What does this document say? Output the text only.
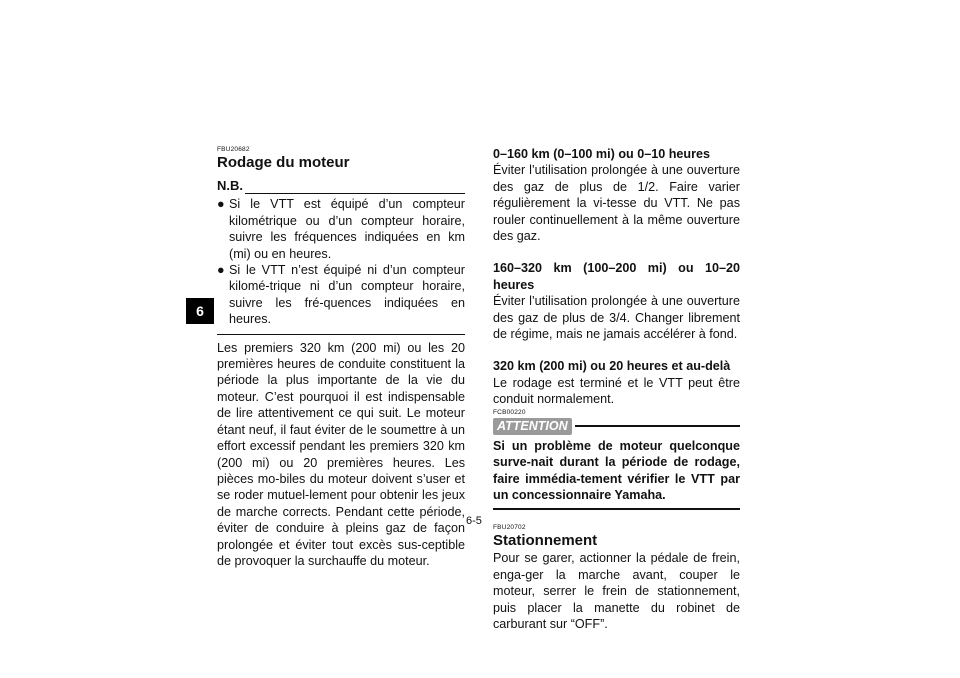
6
FBU20682
Rodage du moteur
N.B.
● Si le VTT est équipé d’un compteur kilométrique ou d’un compteur horaire, suivre les fréquences indiquées en km (mi) ou en heures.
● Si le VTT n’est équipé ni d’un compteur kilomé-trique ni d’un compteur horaire, suivre les fré-quences indiquées en heures.

Les premiers 320 km (200 mi) ou les 20 premières heures de conduite constituent la période la plus importante de la vie du moteur. C’est pourquoi il est indispensable de lire attentivement ce qui suit. Le moteur étant neuf, il faut éviter de le soumettre à un effort excessif pendant les premiers 320 km (200 mi) ou 20 premières heures. Les pièces mo-biles du moteur doivent s’user et se roder mutuel-lement pour obtenir les jeux de marche corrects. Pendant cette période, éviter de conduire à pleins gaz de façon prolongée et éviter tout excès sus-ceptible de provoquer la surchauffe du moteur.

0–160 km (0–100 mi) ou 0–10 heures

Éviter l’utilisation prolongée à une ouverture des gaz de plus de 1/2. Faire varier régulièrement la vi-tesse du VTT. Ne pas rouler continuellement à la même ouverture des gaz.

160–320 km (100–200 mi) ou 10–20 heures

Éviter l’utilisation prolongée à une ouverture des gaz de plus de 3/4. Changer librement de régime, mais ne jamais accélérer à fond.

320 km (200 mi) ou 20 heures et au-delà

Le rodage est terminé et le VTT peut être conduit normalement.

FCB00220
ATTENTION

Si un problème de moteur quelconque surve-nait durant la période de rodage, faire immédia-tement vérifier le VTT par un concessionnaire Yamaha.

FBU20702
Stationnement

Pour se garer, actionner la pédale de frein, enga-ger la marche avant, couper le moteur, serrer le frein de stationnement, puis placer la manette du robinet de carburant sur “OFF”.

6-5
